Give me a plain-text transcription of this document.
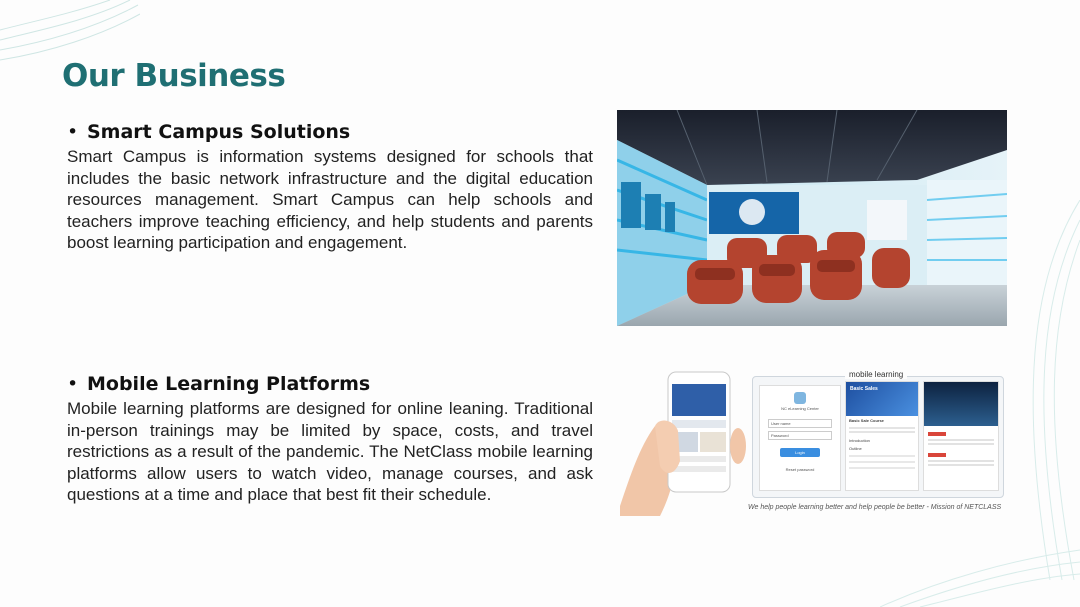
Our Business

• Smart Campus Solutions

Smart Campus is information systems designed for schools that includes the basic network infrastructure and the digital education resources management. Smart Campus can help schools and teachers improve teaching efficiency, and help students and parents boost learning participation and engagement.

• Mobile Learning Platforms

Mobile learning platforms are designed for online leaning. Traditional in-person trainings may be limited by space, costs, and travel restrictions as a result of the pandemic. The NetClass mobile learning platforms allow users to watch video, manage courses, and ask questions at a time and place that best fit their schedule.

mobile learning
NC eLearning Center
User name
Password
Login
Reset password
Basic Sales
Basic Sale Course
Introduction
Outline
We help people learning better and help people be better - Mission of NETCLASS
